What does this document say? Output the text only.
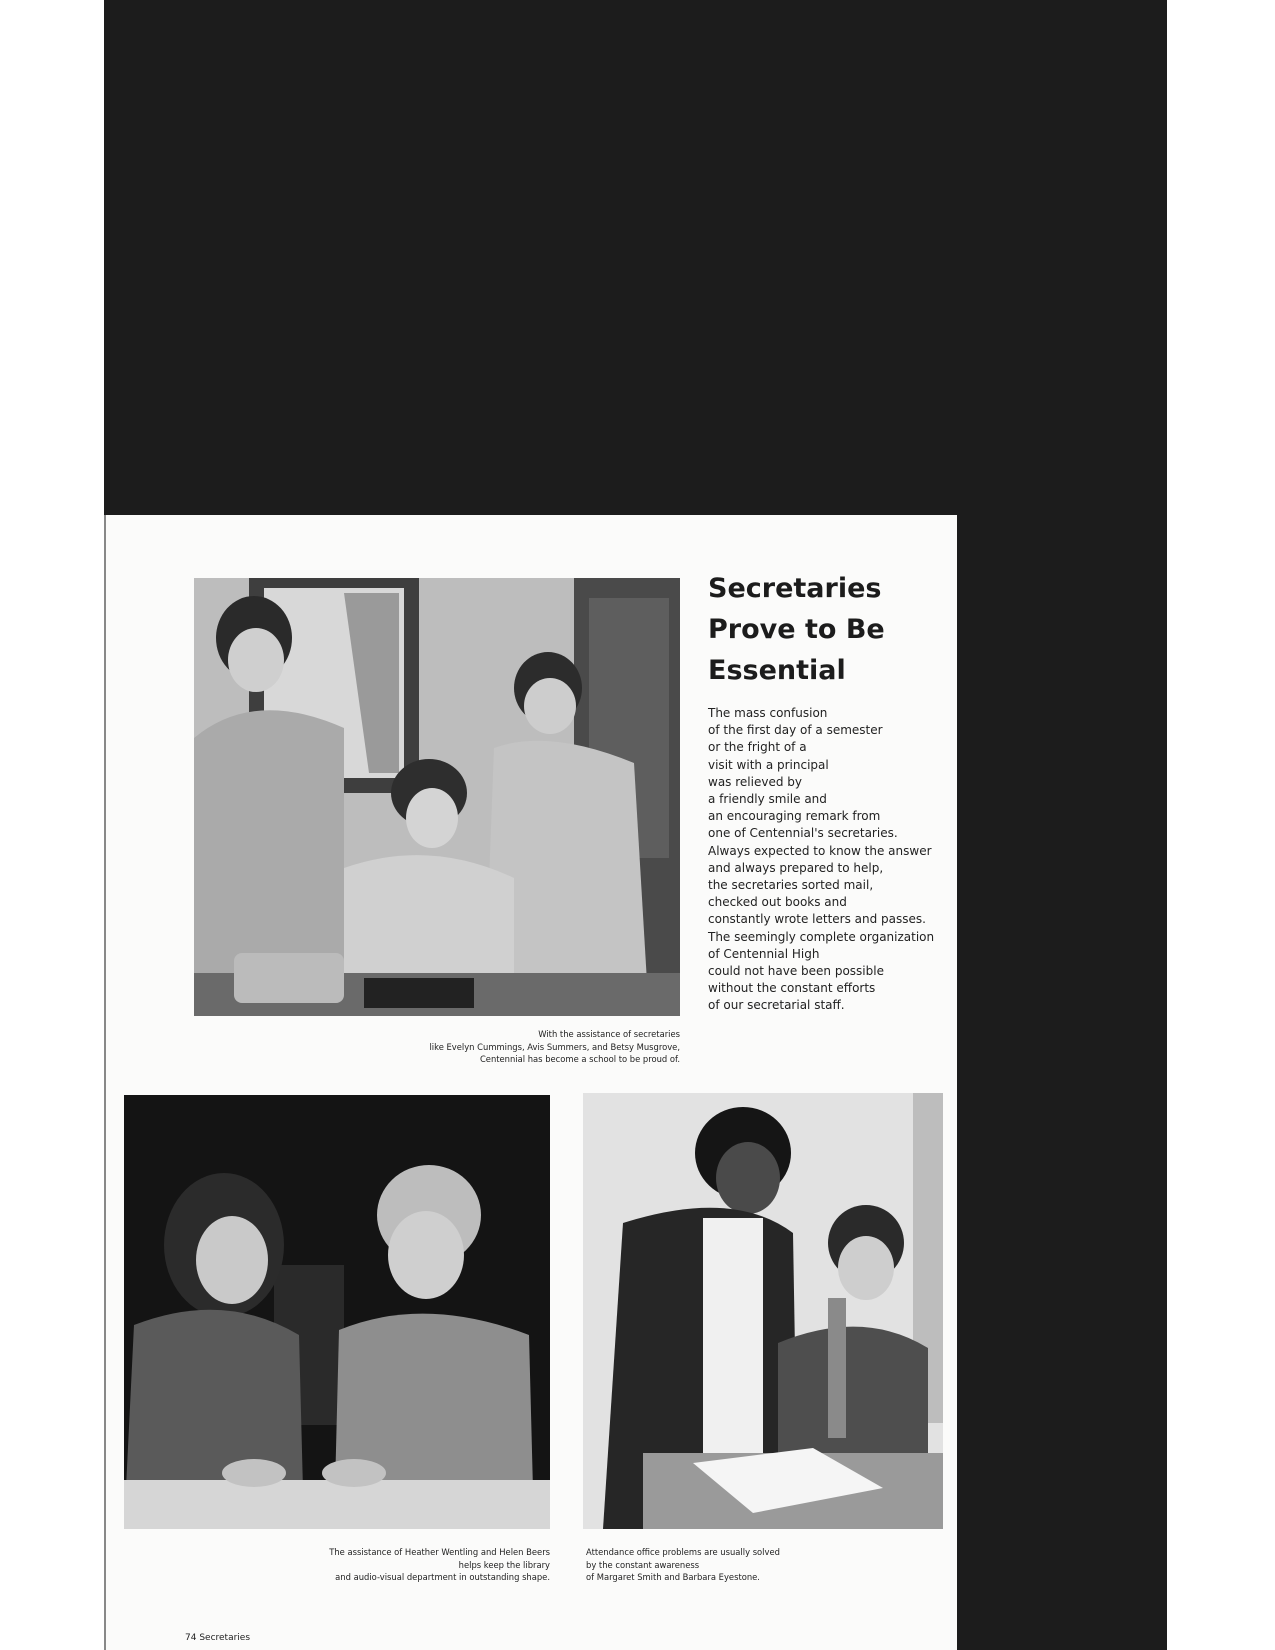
Secretaries
Prove to Be
Essential
The mass confusion
of the first day of a semester
or the fright of a
visit with a principal
was relieved by
a friendly smile and
an encouraging remark from
one of Centennial's secretaries.
Always expected to know the answer
and always prepared to help,
the secretaries sorted mail,
checked out books and
constantly wrote letters and passes.
The seemingly complete organization
of Centennial High
could not have been possible
without the constant efforts
of our secretarial staff.
With the assistance of secretaries
like Evelyn Cummings, Avis Summers, and Betsy Musgrove,
Centennial has become a school to be proud of.
The assistance of Heather Wentling and Helen Beers
helps keep the library
and audio-visual department in outstanding shape.
Attendance office problems are usually solved
by the constant awareness
of Margaret Smith and Barbara Eyestone.
74 Secretaries
